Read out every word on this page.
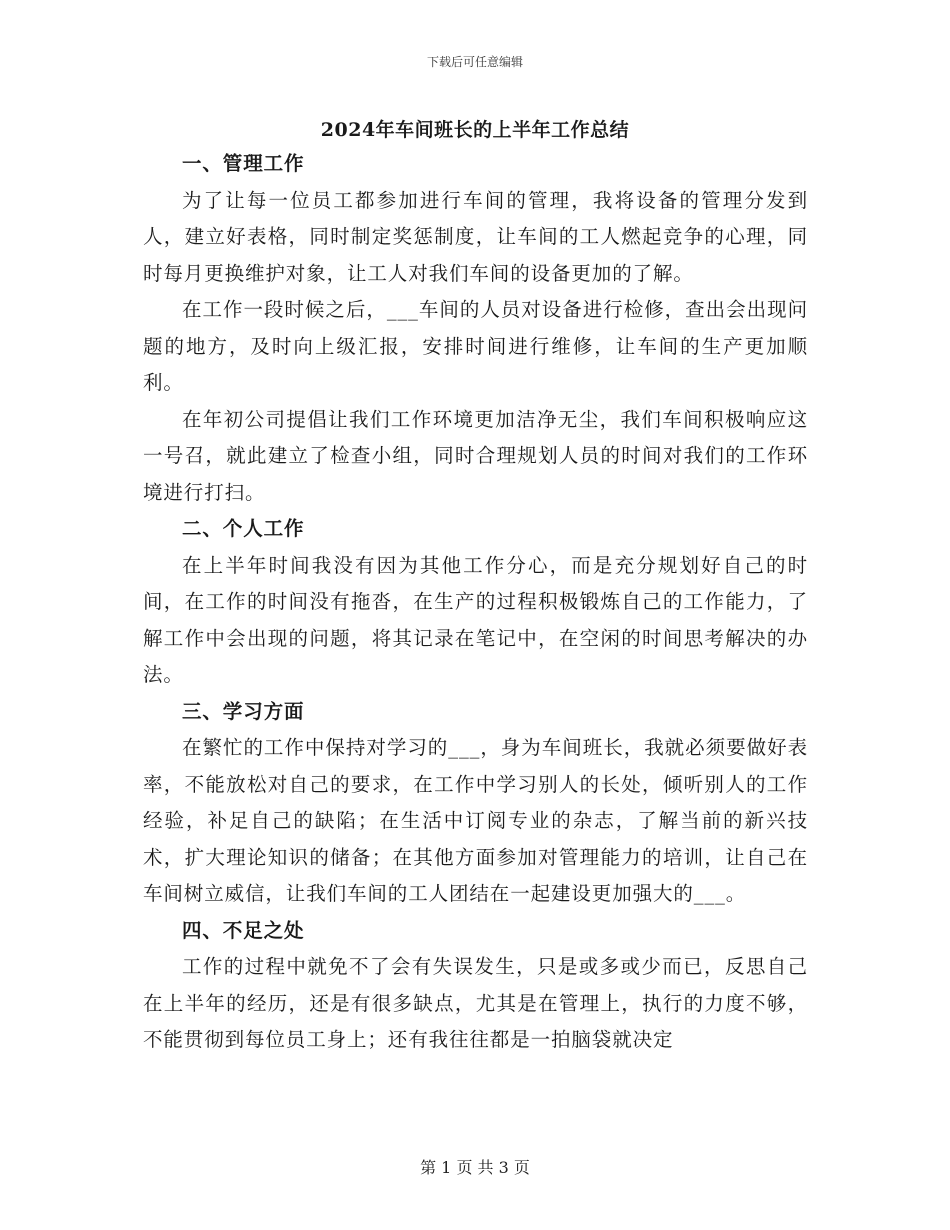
下载后可任意编辑
2024年车间班长的上半年工作总结
一、管理工作

为了让每一位员工都参加进行车间的管理，我将设备的管理分发到人，建立好表格，同时制定奖惩制度，让车间的工人燃起竞争的心理，同时每月更换维护对象，让工人对我们车间的设备更加的了解。

在工作一段时候之后，___车间的人员对设备进行检修，查出会出现问题的地方，及时向上级汇报，安排时间进行维修，让车间的生产更加顺利。

在年初公司提倡让我们工作环境更加洁净无尘，我们车间积极响应这一号召，就此建立了检查小组，同时合理规划人员的时间对我们的工作环境进行打扫。

二、个人工作

在上半年时间我没有因为其他工作分心，而是充分规划好自己的时间，在工作的时间没有拖沓，在生产的过程积极锻炼自己的工作能力，了解工作中会出现的问题，将其记录在笔记中，在空闲的时间思考解决的办法。

三、学习方面

在繁忙的工作中保持对学习的___，身为车间班长，我就必须要做好表率，不能放松对自己的要求，在工作中学习别人的长处，倾听别人的工作经验，补足自己的缺陷；在生活中订阅专业的杂志，了解当前的新兴技术，扩大理论知识的储备；在其他方面参加对管理能力的培训，让自己在车间树立威信，让我们车间的工人团结在一起建设更加强大的___。

四、不足之处

工作的过程中就免不了会有失误发生，只是或多或少而已，反思自己在上半年的经历，还是有很多缺点，尤其是在管理上，执行的力度不够，不能贯彻到每位员工身上；还有我往往都是一拍脑袋就决定

第 1 页 共 3 页
